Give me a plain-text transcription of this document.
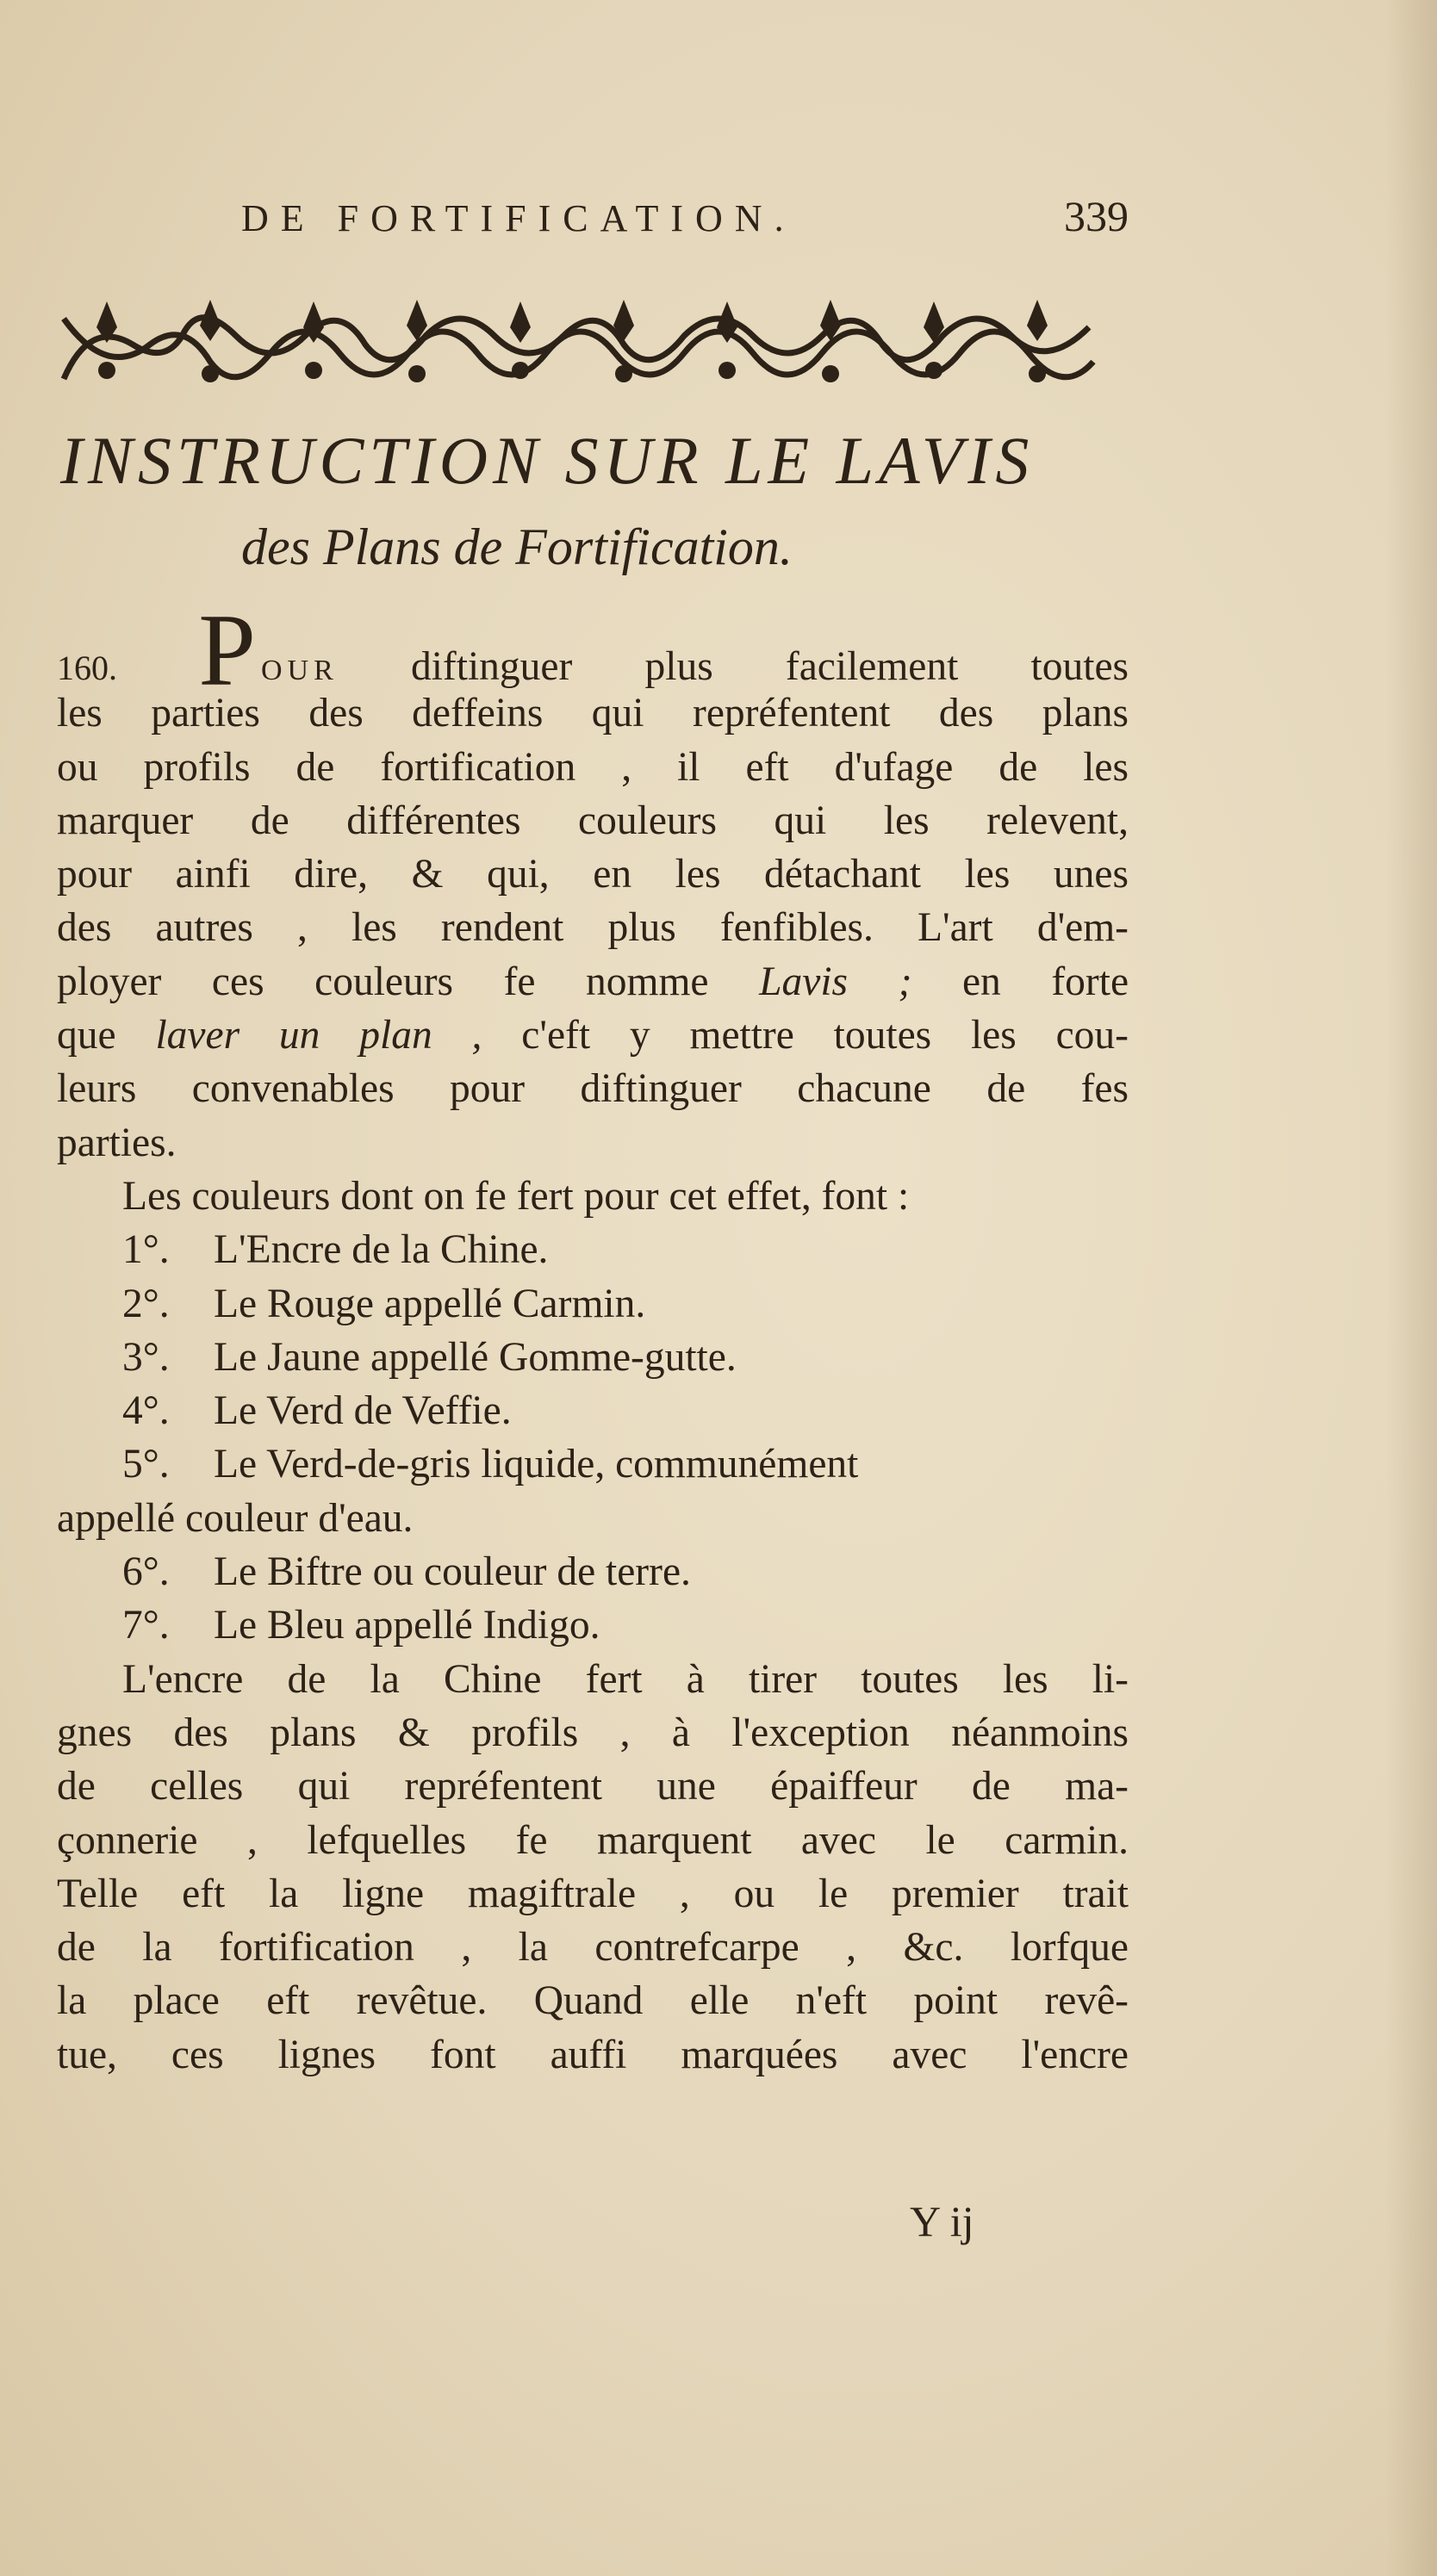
DE FORTIFICATION.	339
INSTRUCTION SUR LE LAVIS
des Plans de Fortification.
160. P OUR diftinguer plus facilement toutes
les parties des deffeins qui repréfentent des plans
ou profils de fortification , il eft d'ufage de les
marquer de différentes couleurs qui les relevent,
pour ainfi dire, & qui, en les détachant les unes
des autres , les rendent plus fenfibles. L'art d'em-
ployer ces couleurs fe nomme Lavis ; en forte
que laver un plan , c'eft y mettre toutes les cou-
leurs convenables pour diftinguer chacune de fes
parties.
Les couleurs dont on fe fert pour cet effet, font :
1°. L'Encre de la Chine.
2°. Le Rouge appellé Carmin.
3°. Le Jaune appellé Gomme-gutte.
4°. Le Verd de Veffie.
5°. Le Verd-de-gris liquide, communément
appellé couleur d'eau.
6°. Le Biftre ou couleur de terre.
7°. Le Bleu appellé Indigo.
L'encre de la Chine fert à tirer toutes les li-
gnes des plans & profils , à l'exception néanmoins
de celles qui repréfentent une épaiffeur de ma-
çonnerie , lefquelles fe marquent avec le carmin.
Telle eft la ligne magiftrale , ou le premier trait
de la fortification , la contrefcarpe , &c. lorfque
la place eft revêtue. Quand elle n'eft point revê-
tue, ces lignes font auffi marquées avec l'encre
Y ij
